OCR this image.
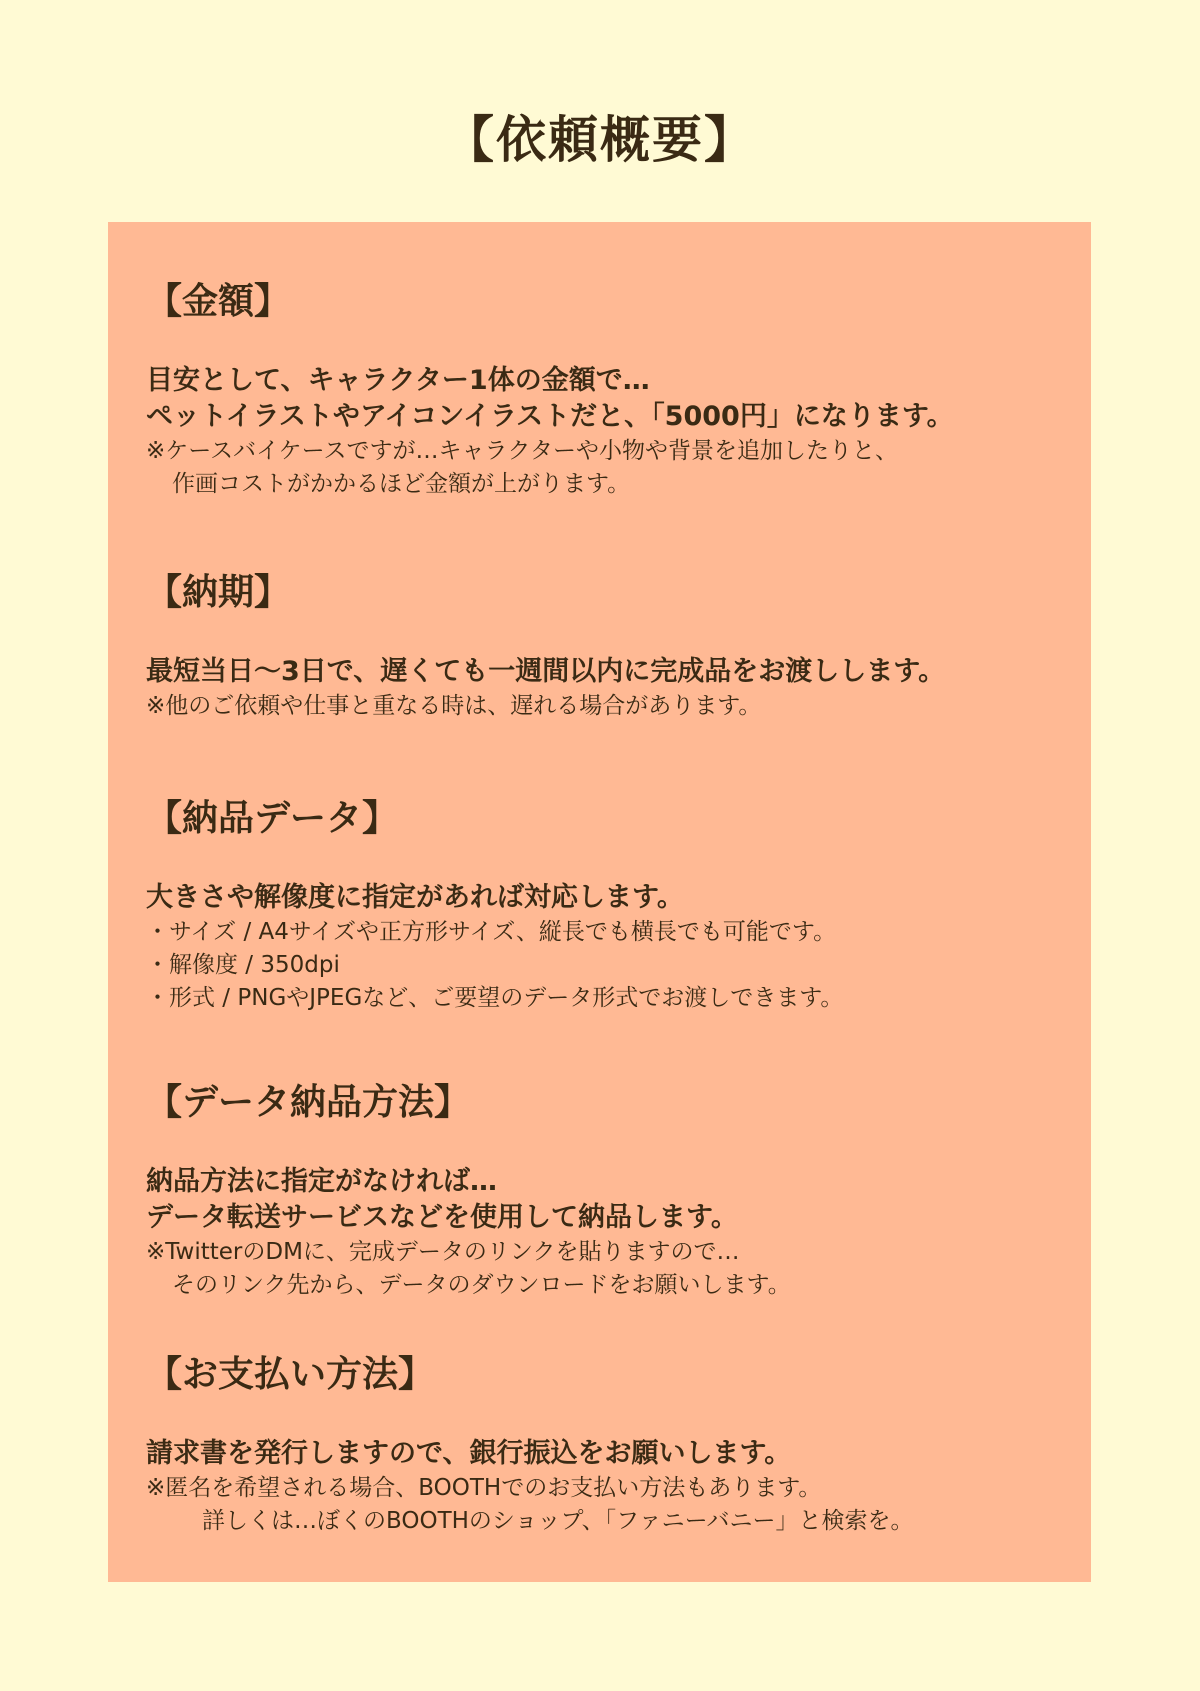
【依頼概要】
【金額】
目安として、キャラクター1体の金額で…
ペットイラストやアイコンイラストだと、「5000円」になります。
※ケースバイケースですが…キャラクターや小物や背景を追加したりと、
作画コストがかかるほど金額が上がります。
【納期】
最短当日〜3日で、遅くても一週間以内に完成品をお渡しします。
※他のご依頼や仕事と重なる時は、遅れる場合があります。
【納品データ】
大きさや解像度に指定があれば対応します。
・サイズ / A4サイズや正方形サイズ、縦長でも横長でも可能です。
・解像度 / 350dpi
・形式 / PNGやJPEGなど、ご要望のデータ形式でお渡しできます。
【データ納品方法】
納品方法に指定がなければ…
データ転送サービスなどを使用して納品します。
※TwitterのDMに、完成データのリンクを貼りますので…
そのリンク先から、データのダウンロードをお願いします。
【お支払い方法】
請求書を発行しますので、銀行振込をお願いします。
※匿名を希望される場合、BOOTHでのお支払い方法もあります。
詳しくは…ぼくのBOOTHのショップ、「ファニーバニー」と検索を。
